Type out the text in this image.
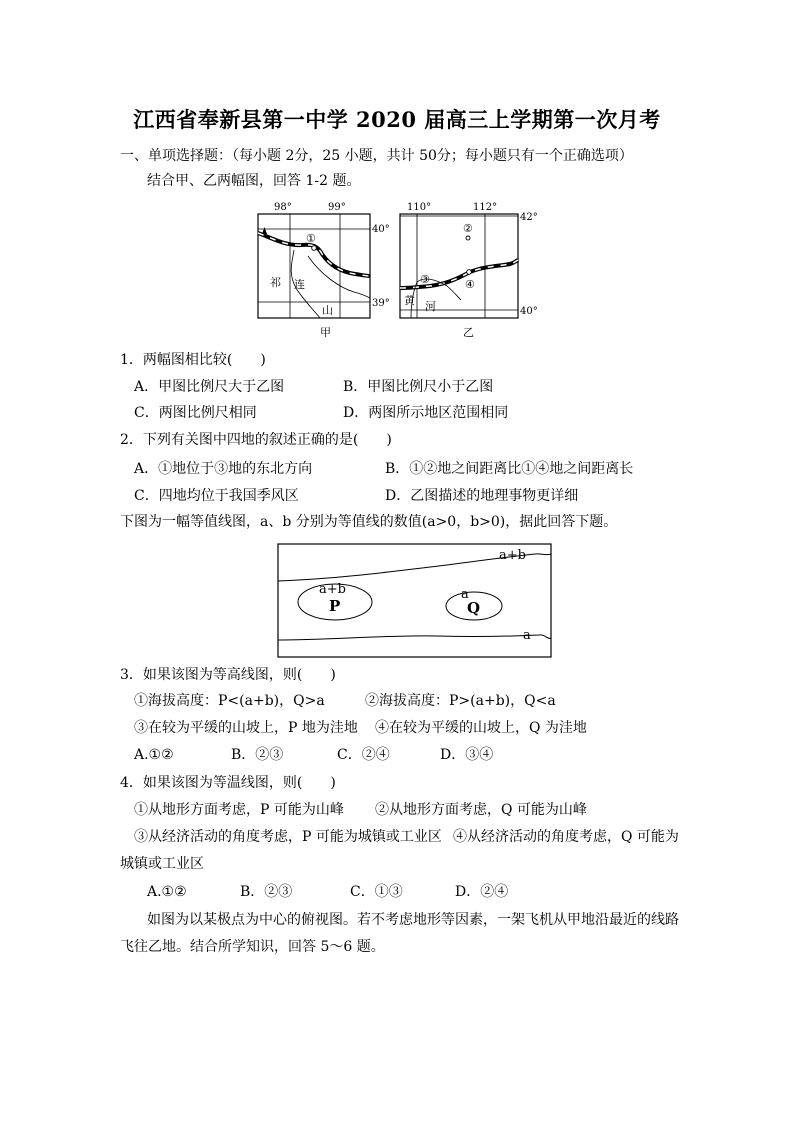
江西省奉新县第一中学 2020 届高三上学期第一次月考
一、单项选择题：（每小题 2分，25 小题，共计 50分；每小题只有一个正确选项）
结合甲、乙两幅图，回答 1-2 题。
98°	99°
40°
39°
①
祁 连
山
甲
110°	112°
42°
40°
②
③	④
黄 河
乙
1．两幅图相比较(　　)
A．甲图比例尺大于乙图	B．甲图比例尺小于乙图
C．两图比例尺相同	D．两图所示地区范围相同
2．下列有关图中四地的叙述正确的是(　　)
A．①地位于③地的东北方向	B．①②地之间距离比①④地之间距离长
C．四地均位于我国季风区	D．乙图描述的地理事物更详细
下图为一幅等值线图，a、b 分别为等值线的数值(a>0，b>0)，据此回答下题。
a+b
a+b
P
a
Q
a
3．如果该图为等高线图，则(　　)
①海拔高度：P<(a+b)，Q>a	②海拔高度：P>(a+b)，Q<a
③在较为平缓的山坡上，P 地为洼地 ④在较为平缓的山坡上，Q 为洼地
A.①②	B．②③	C．②④	D．③④
4．如果该图为等温线图，则(　　)
①从地形方面考虑，P 可能为山峰 ②从地形方面考虑，Q 可能为山峰
③从经济活动的角度考虑，P 可能为城镇或工业区 ④从经济活动的角度考虑，Q 可能为
城镇或工业区
A.①②	B．②③	C．①③	D．②④
如图为以某极点为中心的俯视图。若不考虑地形等因素，一架飞机从甲地沿最近的线路
飞往乙地。结合所学知识，回答 5～6 题。
